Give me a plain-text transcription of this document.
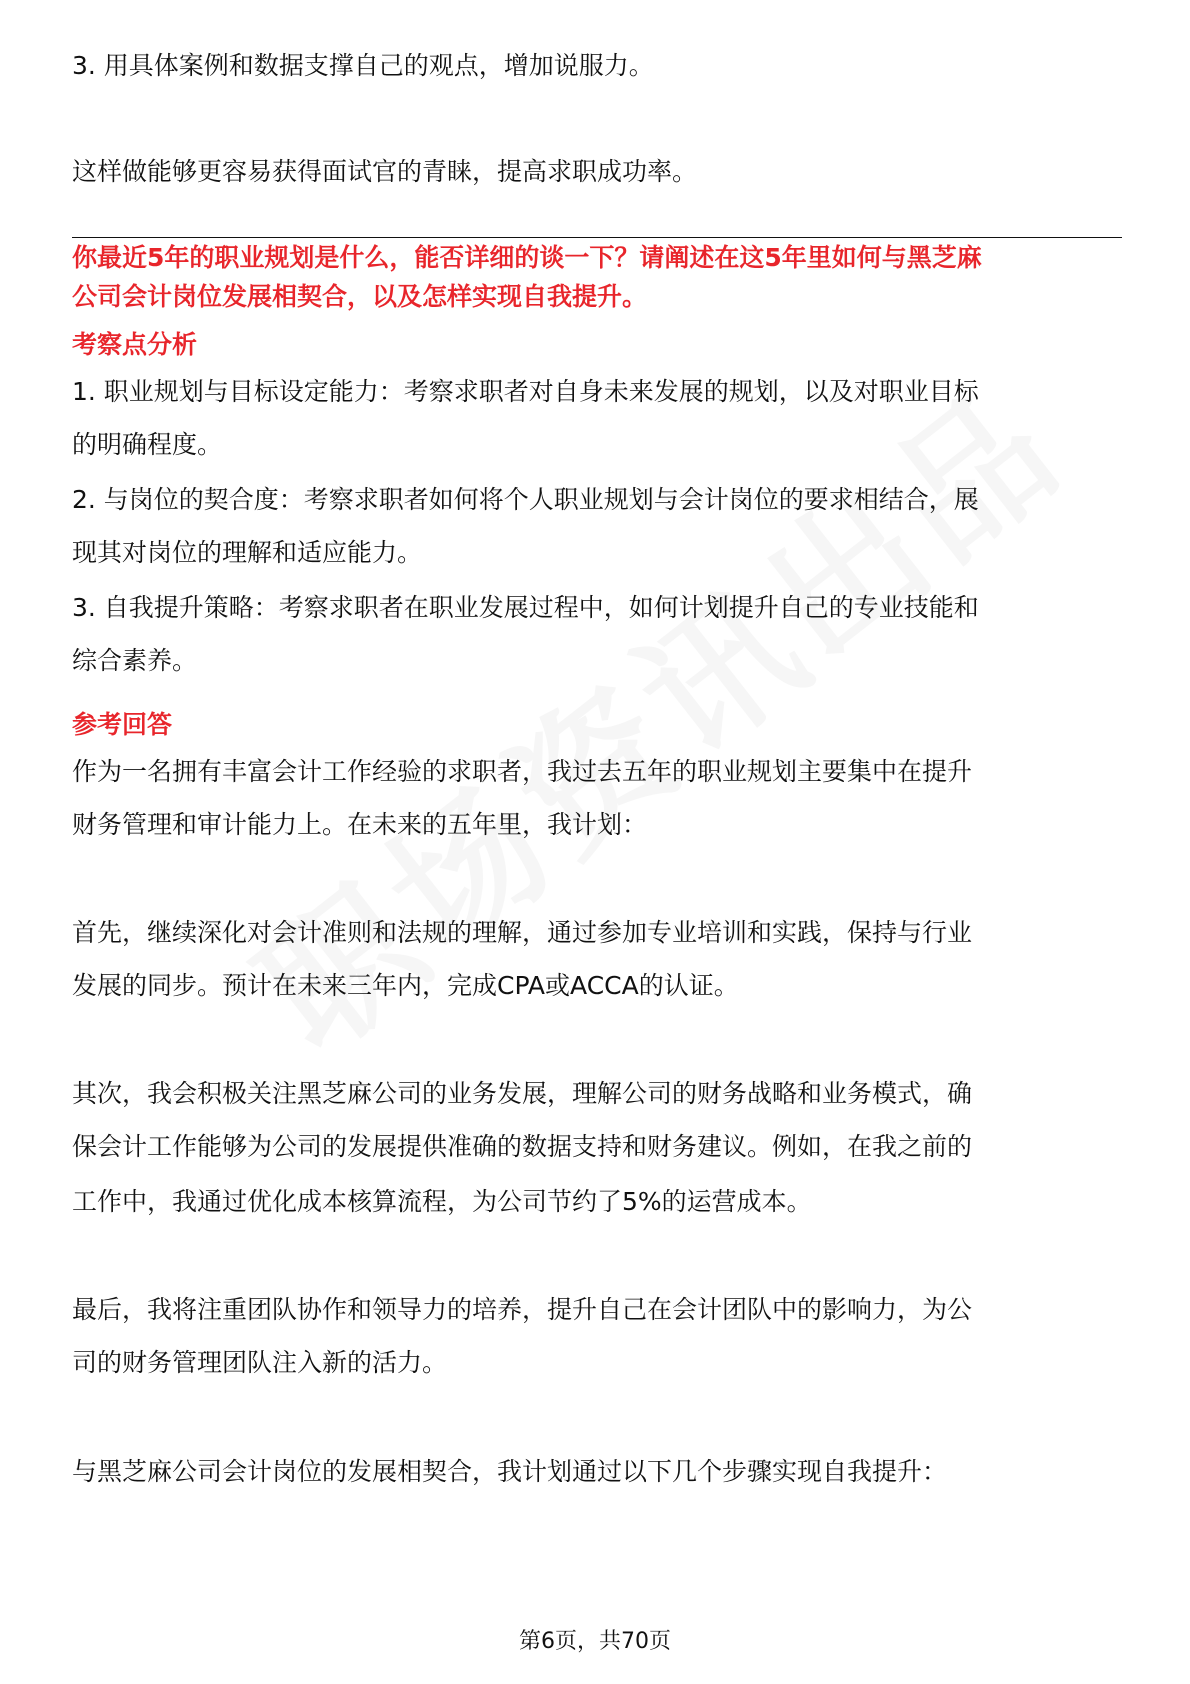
3. 用具体案例和数据支撑自己的观点，增加说服力。
这样做能够更容易获得面试官的青睐，提高求职成功率。
你最近5年的职业规划是什么，能否详细的谈一下？请阐述在这5年里如何与黑芝麻
公司会计岗位发展相契合，以及怎样实现自我提升。
考察点分析
1. 职业规划与目标设定能力：考察求职者对自身未来发展的规划，以及对职业目标
的明确程度。
2. 与岗位的契合度：考察求职者如何将个人职业规划与会计岗位的要求相结合，展
现其对岗位的理解和适应能力。
3. 自我提升策略：考察求职者在职业发展过程中，如何计划提升自己的专业技能和
综合素养。
参考回答
作为一名拥有丰富会计工作经验的求职者，我过去五年的职业规划主要集中在提升
财务管理和审计能力上。在未来的五年里，我计划：
首先，继续深化对会计准则和法规的理解，通过参加专业培训和实践，保持与行业
发展的同步。预计在未来三年内，完成CPA或ACCA的认证。
其次，我会积极关注黑芝麻公司的业务发展，理解公司的财务战略和业务模式，确
保会计工作能够为公司的发展提供准确的数据支持和财务建议。例如，在我之前的
工作中，我通过优化成本核算流程，为公司节约了5%的运营成本。
最后，我将注重团队协作和领导力的培养，提升自己在会计团队中的影响力，为公
司的财务管理团队注入新的活力。
与黑芝麻公司会计岗位的发展相契合，我计划通过以下几个步骤实现自我提升：
第6页，共70页
